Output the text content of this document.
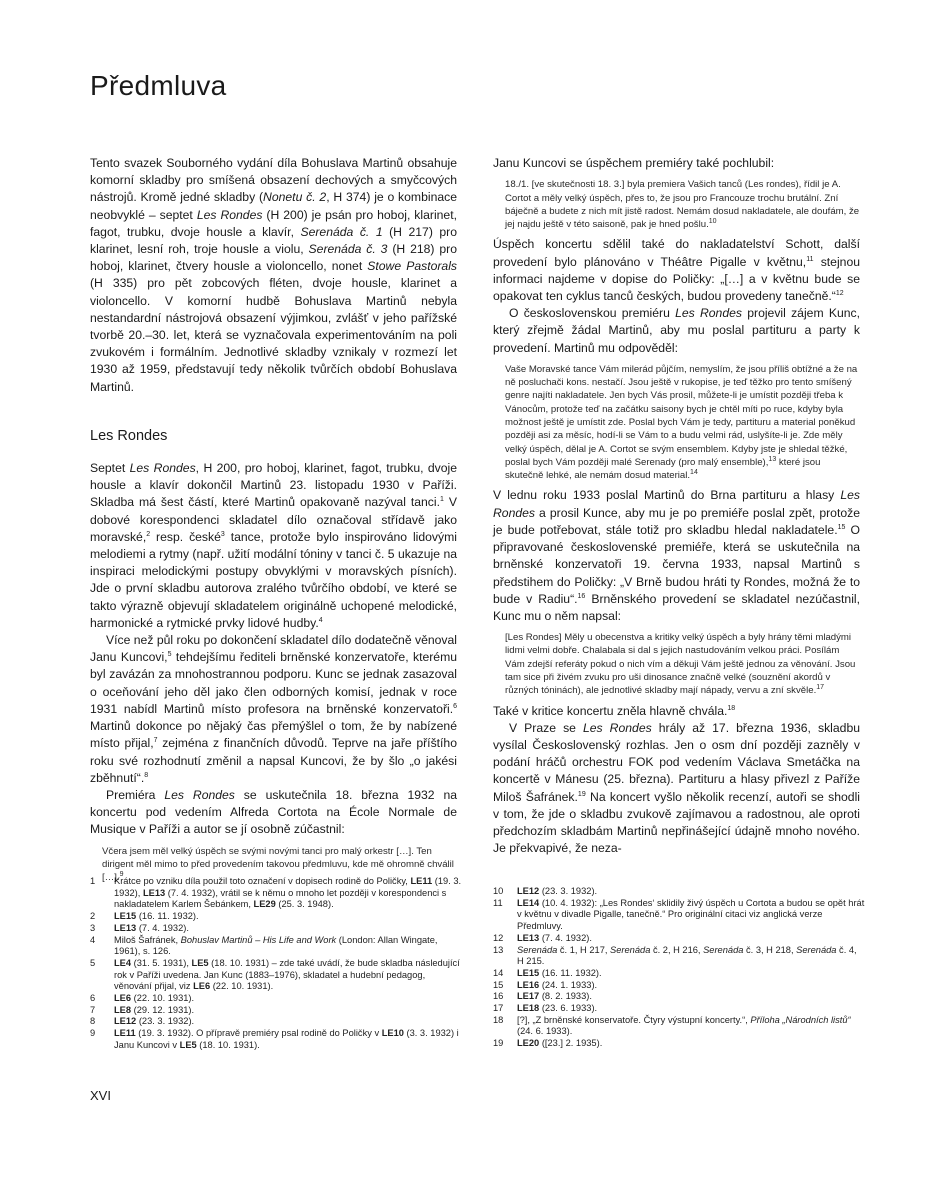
Předmluva

Tento svazek Souborného vydání díla Bohuslava Martinů obsahuje komorní skladby pro smíšená obsazení dechových a smyčcových nástrojů. Kromě jedné skladby (Nonetu č. 2, H 374) je o kombinace neobvyklé – septet Les Rondes (H 200) je psán pro hoboj, klarinet, fagot, trubku, dvoje housle a klavír, Serenáda č. 1 (H 217) pro klarinet, lesní roh, troje housle a violu, Serenáda č. 3 (H 218) pro hoboj, klarinet, čtvery housle a violoncello, nonet Stowe Pastorals (H 335) pro pět zobcových fléten, dvoje housle, klarinet a violoncello. V komorní hudbě Bohuslava Martinů nebyla nestandardní nástrojová obsazení výjimkou, zvlášť v jeho pařížské tvorbě 20.–30. let, která se vyznačovala experimentováním na poli zvukovém i formálním. Jednotlivé skladby vznikaly v rozmezí let 1930 až 1959, představují tedy několik tvůrčích období Bohuslava Martinů.

Les Rondes

Septet Les Rondes, H 200, pro hoboj, klarinet, fagot, trubku, dvoje housle a klavír dokončil Martinů 23. listopadu 1930 v Paříži. Skladba má šest částí, které Martinů opakovaně nazýval tanci.$^1$ V dobové korespondenci skladatel dílo označoval střídavě jako moravské,$^2$ resp. české$^3$ tance, protože bylo inspirováno lidovými melodiemi a rytmy (např. užití modální tóniny v tanci č. 5 ukazuje na inspiraci melodickými postupy obvyklými v moravských písních). Jde o první skladbu autorova zralého tvůrčího období, ve které se takto výrazně objevují skladatelem originálně uchopené melodické, harmonické a rytmické prvky lidové hudby.$^4$

Více než půl roku po dokončení skladatel dílo dodatečně věnoval Janu Kuncovi,$^5$ tehdejšímu řediteli brněnské konzervatoře, kterému byl zavázán za mnohostrannou podporu. Kunc se jednak zasazoval o oceňování jeho děl jako člen odborných komisí, jednak v roce 1931 nabídl Martinů místo profesora na brněnské konzervatoři.$^6$ Martinů dokonce po nějaký čas přemýšlel o tom, že by nabízené místo přijal,$^7$ zejména z finančních důvodů. Teprve na jaře příštího roku své rozhodnutí změnil a napsal Kuncovi, že by šlo „o jakési zběhnutí“.$^8$

Premiéra Les Rondes se uskutečnila 18. března 1932 na koncertu pod vedením Alfreda Cortota na École Normale de Musique v Paříži a autor se jí osobně zúčastnil:

Včera jsem měl velký úspěch se svými novými tanci pro malý orkestr […]. Ten dirigent měl mimo to před provedením takovou předmluvu, kde mě ohromně chválil […].$^9$

Janu Kuncovi se úspěchem premiéry také pochlubil:

18./1. [ve skutečnosti 18. 3.] byla premiera Vašich tanců (Les rondes), řídil je A. Cortot a měly velký úspěch, přes to, že jsou pro Francouze trochu brutální. Zní báječně a budete z nich mít jistě radost. Nemám dosud nakladatele, ale doufám, že jej najdu ještě v této saisoně, pak je hned pošlu.$^{10}$

Úspěch koncertu sdělil také do nakladatelství Schott, další provedení bylo plánováno v Théâtre Pigalle v květnu,$^{11}$ stejnou informaci najdeme v dopise do Poličky: „[…] a v květnu bude se opakovat ten cyklus tanců českých, budou provedeny tanečně.“$^{12}$

O československou premiéru Les Rondes projevil zájem Kunc, který zřejmě žádal Martinů, aby mu poslal partituru a party k provedení. Martinů mu odpověděl:

Vaše Moravské tance Vám milerád půjčím, nemyslím, že jsou příliš obtížné a že na ně posluchači kons. nestačí. Jsou ještě v rukopise, je teď těžko pro tento smíšený genre najíti nakladatele. Jen bych Vás prosil, můžete-li je umístit později třeba k Vánocům, protože teď na začátku saisony bych je chtěl míti po ruce, kdyby byla možnost ještě je umístit zde. Poslal bych Vám je tedy, partituru a material poněkud později asi za měsíc, hodí-li se Vám to a budu velmi rád, uslyšíte-li je. Zde měly velký úspěch, dělal je A. Cortot se svým ensemblem. Kdyby jste je shledal těžké, poslal bych Vám později malé Serenady (pro malý ensemble),$^{13}$ které jsou skutečně lehké, ale nemám dosud material.$^{14}$

V lednu roku 1933 poslal Martinů do Brna partituru a hlasy Les Rondes a prosil Kunce, aby mu je po premiéře poslal zpět, protože je bude potřebovat, stále totiž pro skladbu hledal nakladatele.$^{15}$ O připravované československé premiéře, která se uskutečnila na brněnské konzervatoři 19. června 1933, napsal Martinů s předstihem do Poličky: „V Brně budou hráti ty Rondes, možná že to bude v Radiu“.$^{16}$ Brněnského provedení se skladatel nezúčastnil, Kunc mu o něm napsal:

[Les Rondes] Měly u obecenstva a kritiky velký úspěch a byly hrány těmi mladými lidmi velmi dobře. Chalabala si dal s jejich nastudováním velkou práci. Posílám Vám zdejší referáty pokud o nich vím a děkuji Vám ještě jednou za věnování. Jsou tam sice při živém zvuku pro uši dinosance značně velké (souznění akordů v různých tóninách), ale jednotlivé skladby mají nápady, vervu a zní skvěle.$^{17}$

Také v kritice koncertu zněla hlavně chvála.$^{18}$

V Praze se Les Rondes hrály až 17. března 1936, skladbu vysílal Československý rozhlas. Jen o osm dní později zazněly v podání hráčů orchestru FOK pod vedením Václava Smetáčka na koncertě v Mánesu (25. března). Partituru a hlasy přivezl z Paříže Miloš Šafránek.$^{19}$ Na koncert vyšlo několik recenzí, autoři se shodli v tom, že jde o skladbu zvukově zajímavou a radostnou, ale oproti předchozím skladbám Martinů nepřinášející údajně mnoho nového. Je překvapivé, že neza-

1	Krátce po vzniku díla použil toto označení v dopisech rodině do Poličky, LE11 (19. 3. 1932), LE13 (7. 4. 1932), vrátil se k němu o mnoho let později v korespondenci s nakladatelem Karlem Šebánkem, LE29 (25. 3. 1948).
2	LE15 (16. 11. 1932).
3	LE13 (7. 4. 1932).
4	Miloš Šafránek, Bohuslav Martinů – His Life and Work (London: Allan Wingate, 1961), s. 126.
5	LE4 (31. 5. 1931), LE5 (18. 10. 1931) – zde také uvádí, že bude skladba následující rok v Paříži uvedena. Jan Kunc (1883–1976), skladatel a hudební pedagog, věnování přijal, viz LE6 (22. 10. 1931).
6	LE6 (22. 10. 1931).
7	LE8 (29. 12. 1931).
8	LE12 (23. 3. 1932).
9	LE11 (19. 3. 1932). O přípravě premiéry psal rodině do Poličky v LE10 (3. 3. 1932) i Janu Kuncovi v LE5 (18. 10. 1931).
10	LE12 (23. 3. 1932).
11	LE14 (10. 4. 1932): „Les Rondes‘ sklidily živý úspěch u Cortota a budou se opět hrát v květnu v divadle Pigalle, tanečně.“ Pro originální citaci viz anglická verze Předmluvy.
12	LE13 (7. 4. 1932).
13	Serenáda č. 1, H 217, Serenáda č. 2, H 216, Serenáda č. 3, H 218, Serenáda č. 4, H 215.
14	LE15 (16. 11. 1932).
15	LE16 (24. 1. 1933).
16	LE17 (8. 2. 1933).
17	LE18 (23. 6. 1933).
18	[?], „Z brněnské konservatoře. Čtyry výstupní koncerty.“, Příloha „Národních listů“ (24. 6. 1933).
19	LE20 ([23.] 2. 1935).
XVI
